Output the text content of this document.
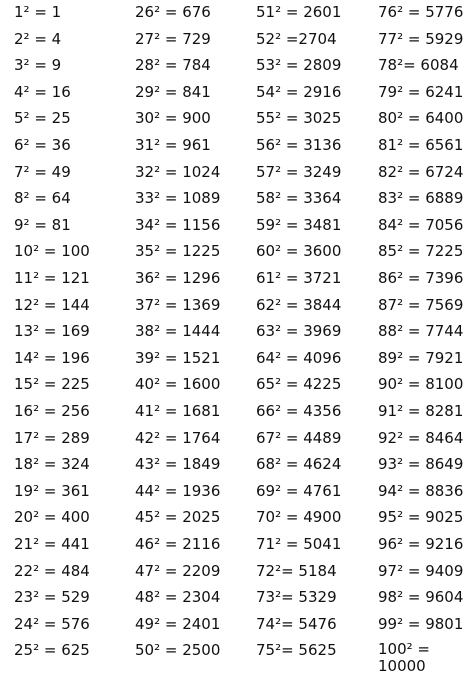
1² = 1

2² = 4

3² = 9

4² = 16

5² = 25

6² = 36

7² = 49

8² = 64

9² = 81

10² = 100

11² = 121

12² = 144

13² = 169

14² = 196

15² = 225

16² = 256

17² = 289

18² = 324

19² = 361

20² = 400

21² = 441

22² = 484

23² = 529

24² = 576

25² = 625

26² = 676

27² = 729

28² = 784

29² = 841

30² = 900

31² = 961

32² = 1024

33² = 1089

34² = 1156

35² = 1225

36² = 1296

37² = 1369

38² = 1444

39² = 1521

40² = 1600

41² = 1681

42² = 1764

43² = 1849

44² = 1936

45² = 2025

46² = 2116

47² = 2209

48² = 2304

49² = 2401

50² = 2500

51² = 2601

52² =2704

53² = 2809

54² = 2916

55² = 3025

56² = 3136

57² = 3249

58² = 3364

59² = 3481

60² = 3600

61² = 3721

62² = 3844

63² = 3969

64² = 4096

65² = 4225

66² = 4356

67² = 4489

68² = 4624

69² = 4761

70² = 4900

71² = 5041

72²= 5184

73²= 5329

74²= 5476

75²= 5625

76² = 5776

77² = 5929

78²= 6084

79² = 6241

80² = 6400

81² = 6561

82² = 6724

83² = 6889

84² = 7056

85² = 7225

86² = 7396

87² = 7569

88² = 7744

89² = 7921

90² = 8100

91² = 8281

92² = 8464

93² = 8649

94² = 8836

95² = 9025

96² = 9216

97² = 9409

98² = 9604

99² = 9801

100² = 10000
